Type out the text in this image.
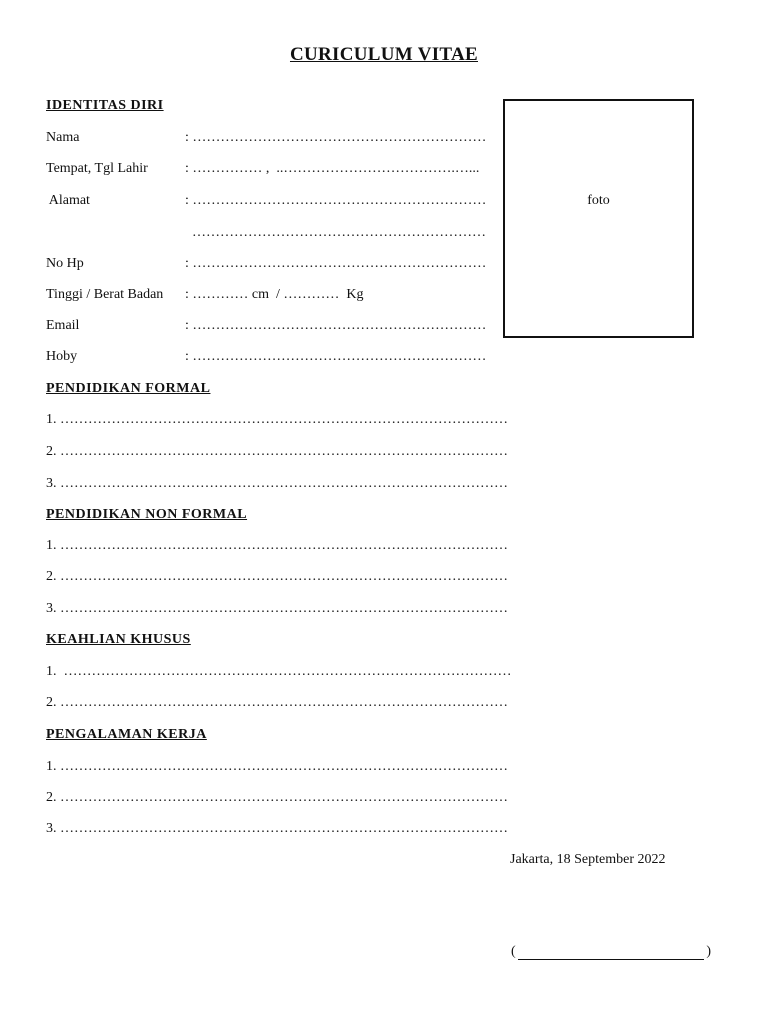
CURICULUM VITAE
IDENTITAS DIRI
Nama	: ………………………………………………………
Tempat, Tgl Lahir	: …………… ,  ..……………………………….…...
Alamat	: ………………………………………………………
………………………………………………………
No Hp	: ………………………………………………………
Tinggi / Berat Badan : ………… cm  / …………  Kg
Email	: ………………………………………………………
Hoby	: ………………………………………………………

foto

PENDIDIKAN FORMAL
1. ……………………………………………………………………………………
2. ……………………………………………………………………………………
3. ……………………………………………………………………………………
PENDIDIKAN NON FORMAL
1. ……………………………………………………………………………………
2. ……………………………………………………………………………………
3. ……………………………………………………………………………………
KEAHLIAN KHUSUS
1.  ……………………………………………………………………………………
2. ……………………………………………………………………………………
PENGALAMAN KERJA
1. ……………………………………………………………………………………
2. ……………………………………………………………………………………
3. ……………………………………………………………………………………
Jakarta, 18 September 2022

(

	)
